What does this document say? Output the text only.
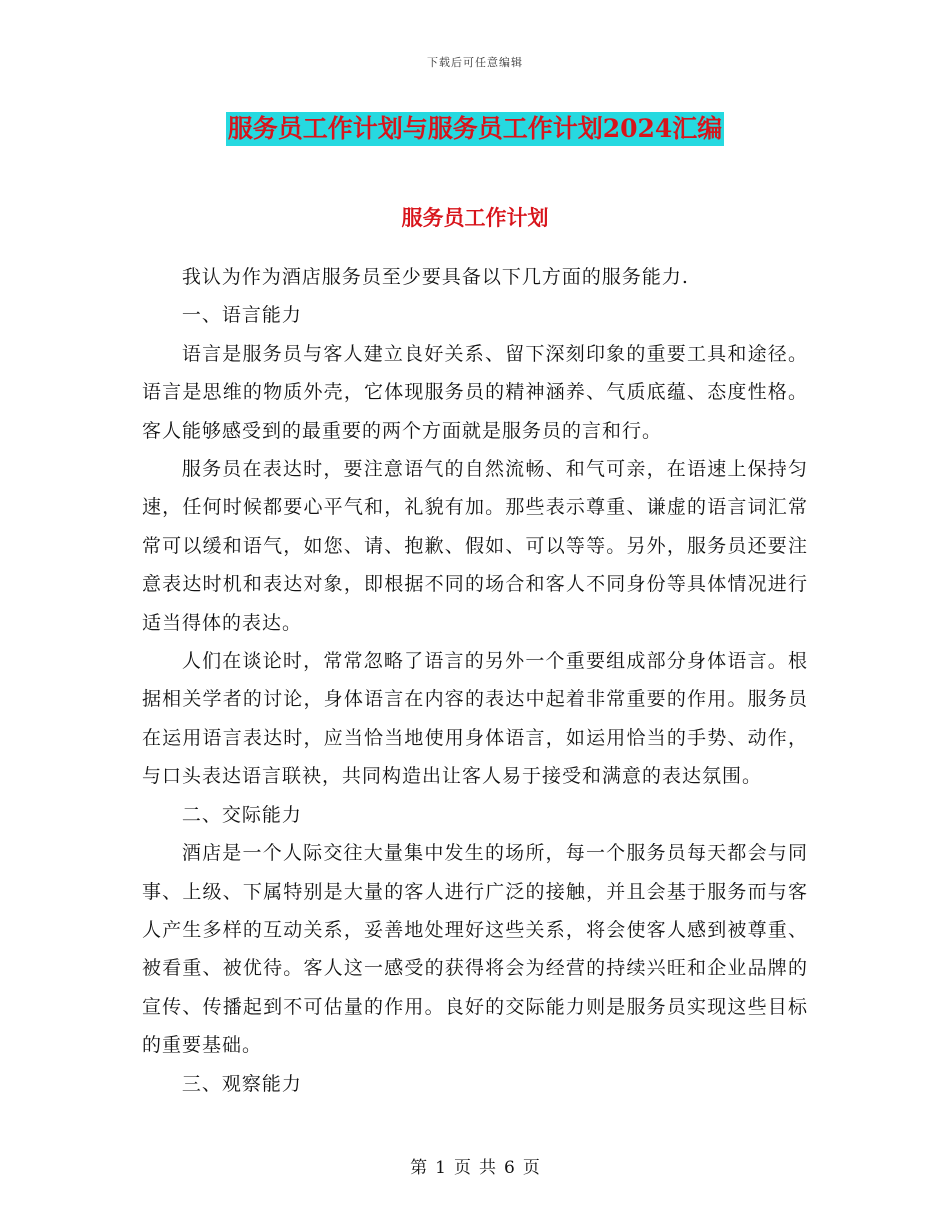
下载后可任意编辑
服务员工作计划与服务员工作计划2024汇编
服务员工作计划

我认为作为酒店服务员至少要具备以下几方面的服务能力.

一、语言能力

语言是服务员与客人建立良好关系、留下深刻印象的重要工具和途径。语言是思维的物质外壳，它体现服务员的精神涵养、气质底蕴、态度性格。客人能够感受到的最重要的两个方面就是服务员的言和行。

服务员在表达时，要注意语气的自然流畅、和气可亲，在语速上保持匀速，任何时候都要心平气和，礼貌有加。那些表示尊重、谦虚的语言词汇常常可以缓和语气，如您、请、抱歉、假如、可以等等。另外，服务员还要注意表达时机和表达对象，即根据不同的场合和客人不同身份等具体情况进行适当得体的表达。

人们在谈论时，常常忽略了语言的另外一个重要组成部分身体语言。根据相关学者的讨论，身体语言在内容的表达中起着非常重要的作用。服务员在运用语言表达时，应当恰当地使用身体语言，如运用恰当的手势、动作，与口头表达语言联袂，共同构造出让客人易于接受和满意的表达氛围。

二、交际能力

酒店是一个人际交往大量集中发生的场所，每一个服务员每天都会与同事、上级、下属特别是大量的客人进行广泛的接触，并且会基于服务而与客人产生多样的互动关系，妥善地处理好这些关系，将会使客人感到被尊重、被看重、被优待。客人这一感受的获得将会为经营的持续兴旺和企业品牌的宣传、传播起到不可估量的作用。良好的交际能力则是服务员实现这些目标的重要基础。

三、观察能力

第 1 页 共 6 页
